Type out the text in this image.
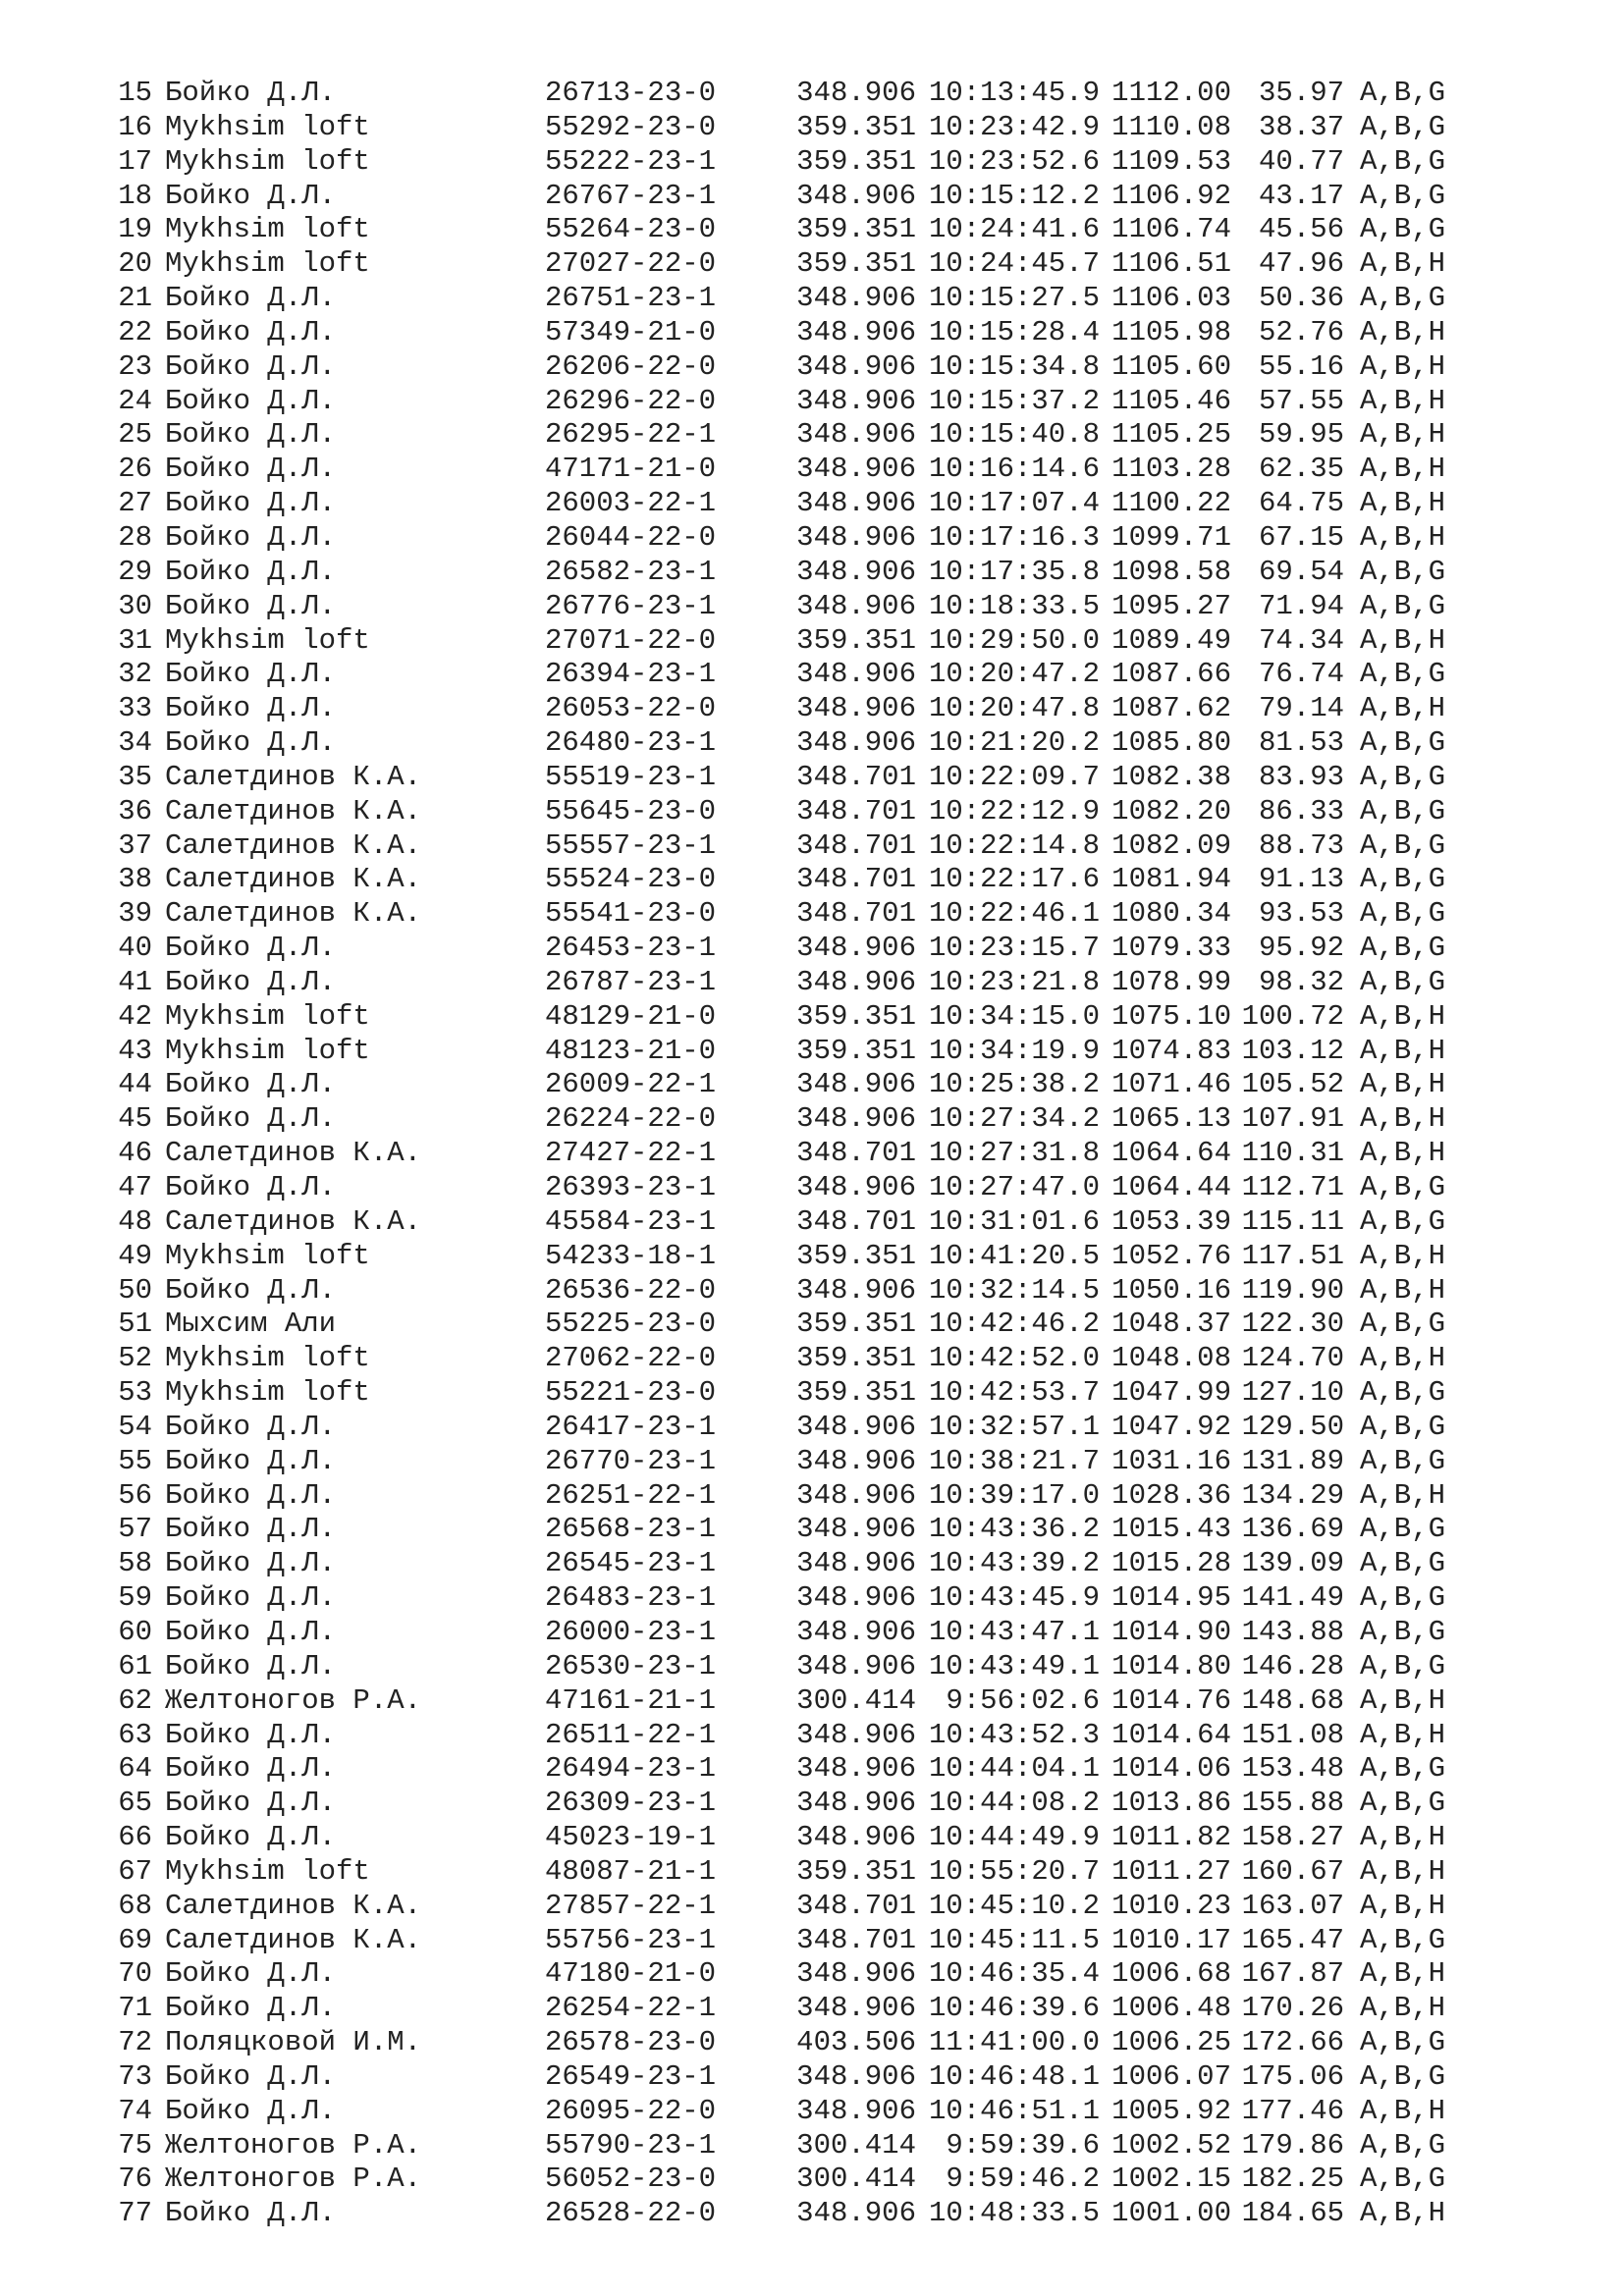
15 Бойко Д.Л.	26713-23-0	348.906 10:13:45.9 1112.00 35.97 A,B,G
16 Mykhsim loft	55292-23-0	359.351 10:23:42.9 1110.08 38.37 A,B,G
17 Mykhsim loft	55222-23-1	359.351 10:23:52.6 1109.53 40.77 A,B,G
18 Бойко Д.Л.	26767-23-1	348.906 10:15:12.2 1106.92 43.17 A,B,G
19 Mykhsim loft	55264-23-0	359.351 10:24:41.6 1106.74 45.56 A,B,G
20 Mykhsim loft	27027-22-0	359.351 10:24:45.7 1106.51 47.96 A,B,H
21 Бойко Д.Л.	26751-23-1	348.906 10:15:27.5 1106.03 50.36 A,B,G
22 Бойко Д.Л.	57349-21-0	348.906 10:15:28.4 1105.98 52.76 A,B,H
23 Бойко Д.Л.	26206-22-0	348.906 10:15:34.8 1105.60 55.16 A,B,H
24 Бойко Д.Л.	26296-22-0	348.906 10:15:37.2 1105.46 57.55 A,B,H
25 Бойко Д.Л.	26295-22-1	348.906 10:15:40.8 1105.25 59.95 A,B,H
26 Бойко Д.Л.	47171-21-0	348.906 10:16:14.6 1103.28 62.35 A,B,H
27 Бойко Д.Л.	26003-22-1	348.906 10:17:07.4 1100.22 64.75 A,B,H
28 Бойко Д.Л.	26044-22-0	348.906 10:17:16.3 1099.71 67.15 A,B,H
29 Бойко Д.Л.	26582-23-1	348.906 10:17:35.8 1098.58 69.54 A,B,G
30 Бойко Д.Л.	26776-23-1	348.906 10:18:33.5 1095.27 71.94 A,B,G
31 Mykhsim loft	27071-22-0	359.351 10:29:50.0 1089.49 74.34 A,B,H
32 Бойко Д.Л.	26394-23-1	348.906 10:20:47.2 1087.66 76.74 A,B,G
33 Бойко Д.Л.	26053-22-0	348.906 10:20:47.8 1087.62 79.14 A,B,H
34 Бойко Д.Л.	26480-23-1	348.906 10:21:20.2 1085.80 81.53 A,B,G
35 Салетдинов К.А.	55519-23-1	348.701 10:22:09.7 1082.38 83.93 A,B,G
36 Салетдинов К.А.	55645-23-0	348.701 10:22:12.9 1082.20 86.33 A,B,G
37 Салетдинов К.А.	55557-23-1	348.701 10:22:14.8 1082.09 88.73 A,B,G
38 Салетдинов К.А.	55524-23-0	348.701 10:22:17.6 1081.94 91.13 A,B,G
39 Салетдинов К.А.	55541-23-0	348.701 10:22:46.1 1080.34 93.53 A,B,G
40 Бойко Д.Л.	26453-23-1	348.906 10:23:15.7 1079.33 95.92 A,B,G
41 Бойко Д.Л.	26787-23-1	348.906 10:23:21.8 1078.99 98.32 A,B,G
42 Mykhsim loft	48129-21-0	359.351 10:34:15.0 1075.10 100.72 A,B,H
43 Mykhsim loft	48123-21-0	359.351 10:34:19.9 1074.83 103.12 A,B,H
44 Бойко Д.Л.	26009-22-1	348.906 10:25:38.2 1071.46 105.52 A,B,H
45 Бойко Д.Л.	26224-22-0	348.906 10:27:34.2 1065.13 107.91 A,B,H
46 Салетдинов К.А.	27427-22-1	348.701 10:27:31.8 1064.64 110.31 A,B,H
47 Бойко Д.Л.	26393-23-1	348.906 10:27:47.0 1064.44 112.71 A,B,G
48 Салетдинов К.А.	45584-23-1	348.701 10:31:01.6 1053.39 115.11 A,B,G
49 Mykhsim loft	54233-18-1	359.351 10:41:20.5 1052.76 117.51 A,B,H
50 Бойко Д.Л.	26536-22-0	348.906 10:32:14.5 1050.16 119.90 A,B,H
51 Мыхсим Али	55225-23-0	359.351 10:42:46.2 1048.37 122.30 A,B,G
52 Mykhsim loft	27062-22-0	359.351 10:42:52.0 1048.08 124.70 A,B,H
53 Mykhsim loft	55221-23-0	359.351 10:42:53.7 1047.99 127.10 A,B,G
54 Бойко Д.Л.	26417-23-1	348.906 10:32:57.1 1047.92 129.50 A,B,G
55 Бойко Д.Л.	26770-23-1	348.906 10:38:21.7 1031.16 131.89 A,B,G
56 Бойко Д.Л.	26251-22-1	348.906 10:39:17.0 1028.36 134.29 A,B,H
57 Бойко Д.Л.	26568-23-1	348.906 10:43:36.2 1015.43 136.69 A,B,G
58 Бойко Д.Л.	26545-23-1	348.906 10:43:39.2 1015.28 139.09 A,B,G
59 Бойко Д.Л.	26483-23-1	348.906 10:43:45.9 1014.95 141.49 A,B,G
60 Бойко Д.Л.	26000-23-1	348.906 10:43:47.1 1014.90 143.88 A,B,G
61 Бойко Д.Л.	26530-23-1	348.906 10:43:49.1 1014.80 146.28 A,B,G
62 Желтоногов Р.А.	47161-21-1	300.414	9:56:02.6 1014.76 148.68 A,B,H
63 Бойко Д.Л.	26511-22-1	348.906 10:43:52.3 1014.64 151.08 A,B,H
64 Бойко Д.Л.	26494-23-1	348.906 10:44:04.1 1014.06 153.48 A,B,G
65 Бойко Д.Л.	26309-23-1	348.906 10:44:08.2 1013.86 155.88 A,B,G
66 Бойко Д.Л.	45023-19-1	348.906 10:44:49.9 1011.82 158.27 A,B,H
67 Mykhsim loft	48087-21-1	359.351 10:55:20.7 1011.27 160.67 A,B,H
68 Салетдинов К.А.	27857-22-1	348.701 10:45:10.2 1010.23 163.07 A,B,H
69 Салетдинов К.А.	55756-23-1	348.701 10:45:11.5 1010.17 165.47 A,B,G
70 Бойко Д.Л.	47180-21-0	348.906 10:46:35.4 1006.68 167.87 A,B,H
71 Бойко Д.Л.	26254-22-1	348.906 10:46:39.6 1006.48 170.26 A,B,H
72 Поляцковой И.М.	26578-23-0	403.506 11:41:00.0 1006.25 172.66 A,B,G
73 Бойко Д.Л.	26549-23-1	348.906 10:46:48.1 1006.07 175.06 A,B,G
74 Бойко Д.Л.	26095-22-0	348.906 10:46:51.1 1005.92 177.46 A,B,H
75 Желтоногов Р.А.	55790-23-1	300.414	9:59:39.6 1002.52 179.86 A,B,G
76 Желтоногов Р.А.	56052-23-0	300.414	9:59:46.2 1002.15 182.25 A,B,G
77 Бойко Д.Л.	26528-22-0	348.906 10:48:33.5 1001.00 184.65 A,B,H
